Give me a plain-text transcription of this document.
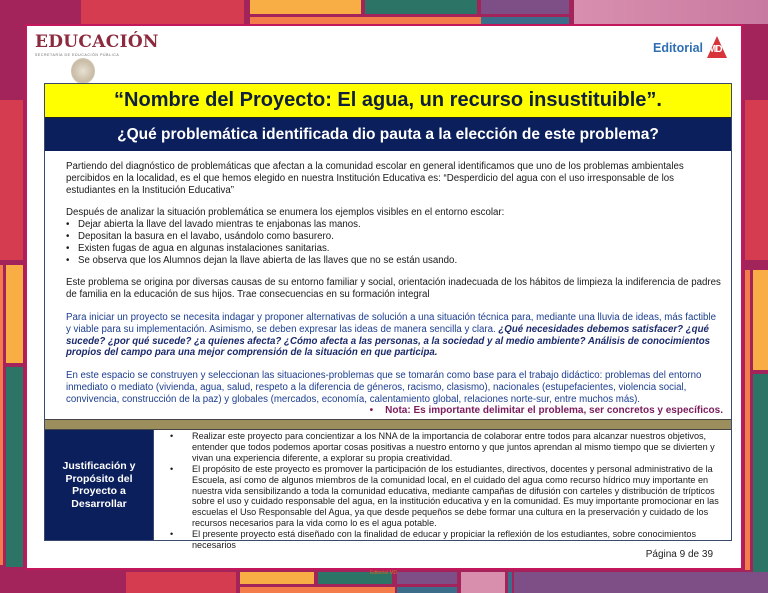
Editorial MD
EDUCACIÓN
SECRETARÍA DE EDUCACIÓN PÚBLICA	Editorial MD
“Nombre del Proyecto: El agua, un recurso insustituible”.
¿Qué problemática identificada dio pauta a la elección de este problema?

Partiendo del diagnóstico de problemáticas que afectan a la comunidad escolar en general identificamos que uno de los problemas ambientales percibidos en la localidad, es el que hemos elegido en nuestra Institución Educativa es: “Desperdicio del agua con el uso irresponsable de los estudiantes en la Institución Educativa”

Después de analizar la situación problemática se enumera los ejemplos visibles en el entorno escolar:
• Dejar abierta la llave del lavado mientras te enjabonas las manos.
• Depositan la basura en el lavabo, usándolo como basurero.
• Existen fugas de agua en algunas instalaciones sanitarias.
• Se observa que los Alumnos dejan la llave abierta de las llaves que no se están usando.

Este problema se origina por diversas causas de su entorno familiar y social, orientación inadecuada de los hábitos de limpieza la indiferencia de padres de familia en la educación de sus hijos. Trae consecuencias en su formación integral

Para iniciar un proyecto se necesita indagar y proponer alternativas de solución a una situación técnica para, mediante una lluvia de ideas, más factible y viable para su implementación. Asimismo, se deben expresar las ideas de manera sencilla y clara. ¿Qué necesidades debemos satisfacer? ¿qué sucede? ¿por qué sucede? ¿a quienes afecta? ¿Cómo afecta a las personas, a la sociedad y al medio ambiente? Análisis de conocimientos propios del campo para una mejor comprensión de la situación en que participa.

En este espacio se construyen y seleccionan las situaciones-problemas que se tomarán como base para el trabajo didáctico: problemas del entorno inmediato o mediato (vivienda, agua, salud, respeto a la diferencia de géneros, racismo, clasismo), nacionales (estupefacientes, violencia social, convivencia, construcción de la paz) y globales (mercados, economía, calentamiento global, relaciones norte-sur, entre muchos más).

• Nota: Es importante delimitar el problema, ser concretos y específicos.
Justificación y Propósito del Proyecto a Desarrollar
• Realizar este proyecto para concientizar a los NNA de la importancia de colaborar entre todos para alcanzar nuestros objetivos, entender que todos podemos aportar cosas positivas a nuestro entorno y que juntos aprendan al mismo tiempo que se divierten y vivan una experiencia diferente, a explorar su propia creatividad.
• El propósito de este proyecto es promover la participación de los estudiantes, directivos, docentes y personal administrativo de la Escuela, así como de algunos miembros de la comunidad local, en el cuidado del agua como recurso hídrico muy importante en nuestra vida sensibilizando a toda la comunidad educativa, mediante campañas de difusión con carteles y distribución de trípticos sobre el uso y cuidado responsable del agua, en la institución educativa y en la comunidad. Es muy importante promocionar en las escuelas el Uso Responsable del Agua, ya que desde pequeños se debe formar una cultura en la preservación y cuidado de los recursos necesarios para la vida como lo es el agua potable.
• El presente proyecto está diseñado con la finalidad de educar y propiciar la reflexión de los estudiantes, sobre conocimientos necesarios
Página 9 de 39
